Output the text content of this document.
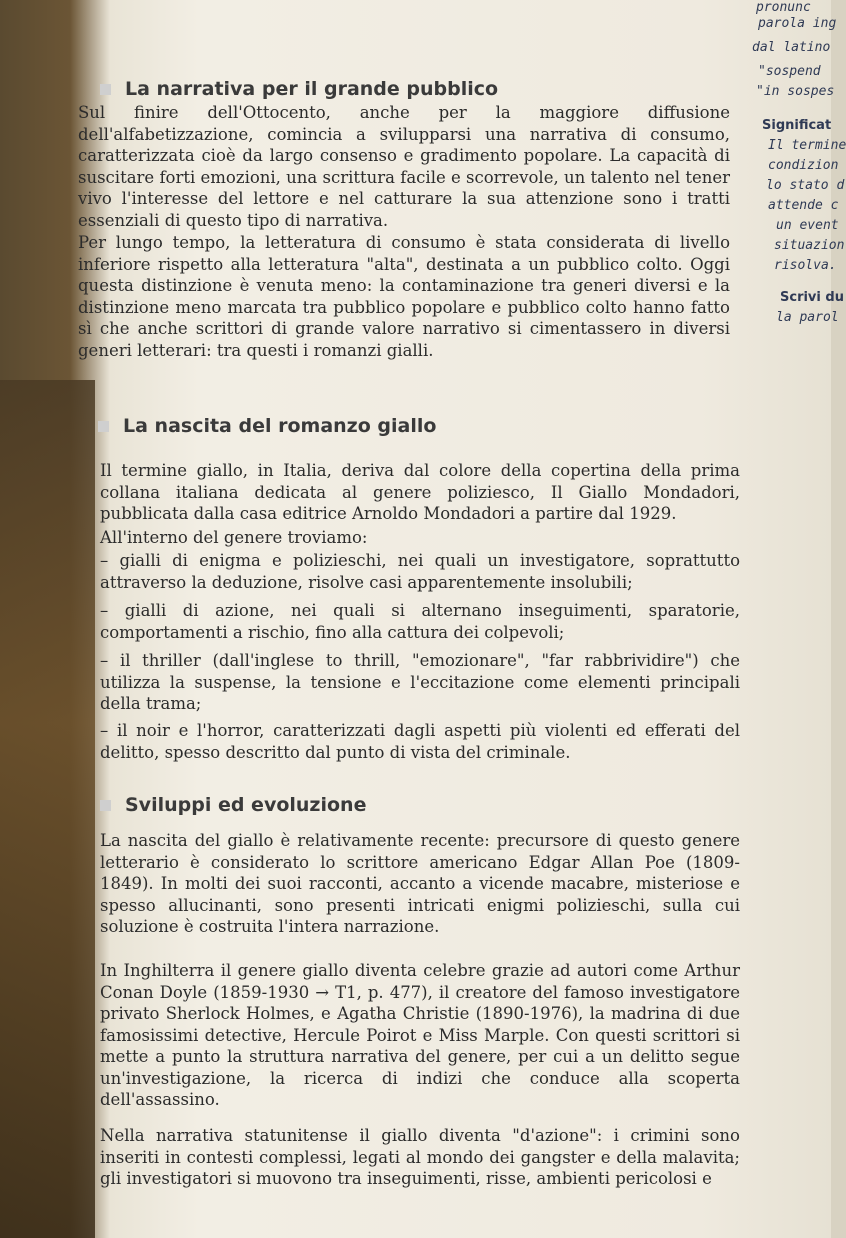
La narrativa per il grande pubblico
Sul finire dell'Ottocento, anche per la maggiore diffusione dell'alfabetizzazione, comincia a svilupparsi una narrativa di consumo, caratterizzata cioè da largo consenso e gradimento popolare. La capacità di suscitare forti emozioni, una scrittura facile e scorrevole, un talento nel tener vivo l'interesse del lettore e nel catturare la sua attenzione sono i tratti essenziali di questo tipo di narrativa.
Per lungo tempo, la letteratura di consumo è stata considerata di livello inferiore rispetto alla letteratura "alta", destinata a un pubblico colto. Oggi questa distinzione è venuta meno: la contaminazione tra generi diversi e la distinzione meno marcata tra pubblico popolare e pubblico colto hanno fatto sì che anche scrittori di grande valore narrativo si cimentassero in diversi generi letterari: tra questi i romanzi gialli.
La nascita del romanzo giallo
Il termine giallo, in Italia, deriva dal colore della copertina della prima collana italiana dedicata al genere poliziesco, Il Giallo Mondadori, pubblicata dalla casa editrice Arnoldo Mondadori a partire dal 1929.
All'interno del genere troviamo:
– gialli di enigma e polizieschi, nei quali un investigatore, soprattutto attraverso la deduzione, risolve casi apparentemente insolubili;
– gialli di azione, nei quali si alternano inseguimenti, sparatorie, comportamenti a rischio, fino alla cattura dei colpevoli;
– il thriller (dall'inglese to thrill, "emozionare", "far rabbrividire") che utilizza la suspense, la tensione e l'eccitazione come elementi principali della trama;
– il noir e l'horror, caratterizzati dagli aspetti più violenti ed efferati del delitto, spesso descritto dal punto di vista del criminale.
Sviluppi ed evoluzione
La nascita del giallo è relativamente recente: precursore di questo genere letterario è considerato lo scrittore americano Edgar Allan Poe (1809-1849). In molti dei suoi racconti, accanto a vicende macabre, misteriose e spesso allucinanti, sono presenti intricati enigmi polizieschi, sulla cui soluzione è costruita l'intera narrazione.
In Inghilterra il genere giallo diventa celebre grazie ad autori come Arthur Conan Doyle (1859-1930 → T1, p. 477), il creatore del famoso investigatore privato Sherlock Holmes, e Agatha Christie (1890-1976), la madrina di due famosissimi detective, Hercule Poirot e Miss Marple. Con questi scrittori si mette a punto la struttura narrativa del genere, per cui a un delitto segue un'investigazione, la ricerca di indizi che conduce alla scoperta dell'assassino.
Nella narrativa statunitense il giallo diventa "d'azione": i crimini sono inseriti in contesti complessi, legati al mondo dei gangster e della malavita; gli investigatori si muovono tra inseguimenti, risse, ambienti pericolosi e
pronunc
parola ing
dal latino
"sospend
"in sospes
Significat
Il termine
condizion
lo stato d
attende c
un event
situazion
risolva.
Scrivi du
la parol
